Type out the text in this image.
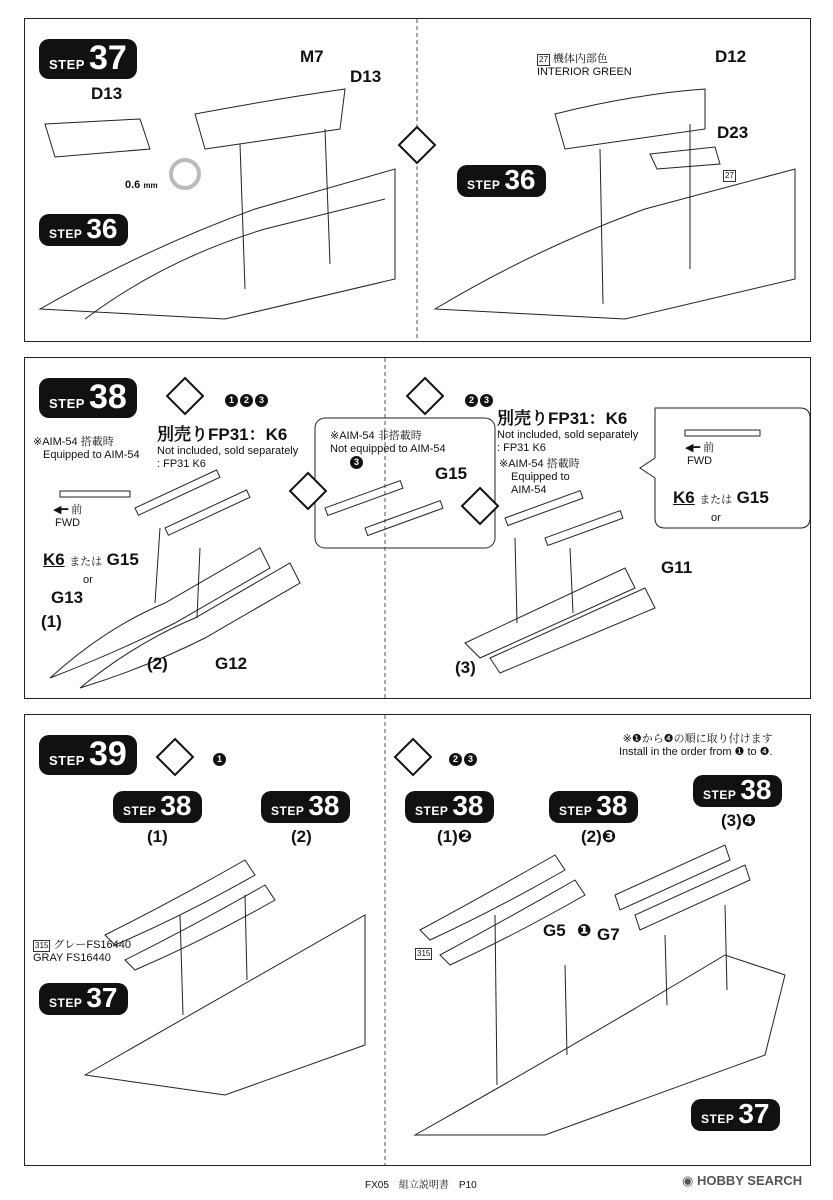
STEP 37
D13
M7
D13
0.6 mm
STEP 36
27 機体内部色
INTERIOR GREEN
D12
D23
27
STEP 36
STEP 38	1 2 3
※AIM-54 搭載時
Equipped to AIM-54
別売りFP31：K6
Not included, sold separately
: FP31 K6
◀━ 前
FWD
K6 または G15
or
G13
(1)
(2)	G12
※AIM-54 非搭載時
Not equipped to AIM-54
3
G15
2 3
別売りFP31：K6
Not included, sold separately
: FP31 K6
※AIM-54 搭載時
Equipped to
AIM-54
◀━ 前
FWD
K6 または G15
or
G11
(3)
STEP 39	1
STEP 38	STEP 38
(1)	(2)
315 グレーFS16440
GRAY FS16440
STEP 37
2 3
※❶から❹の順に取り付けます
Install in the order from ❶ to ❹.
STEP 38	STEP 38	STEP 38
(1)❷	(2)❸
(3)❹
G5 ❶ G7
315
STEP 37
FX05　組立説明書　P10	◉ HOBBY SEARCH
